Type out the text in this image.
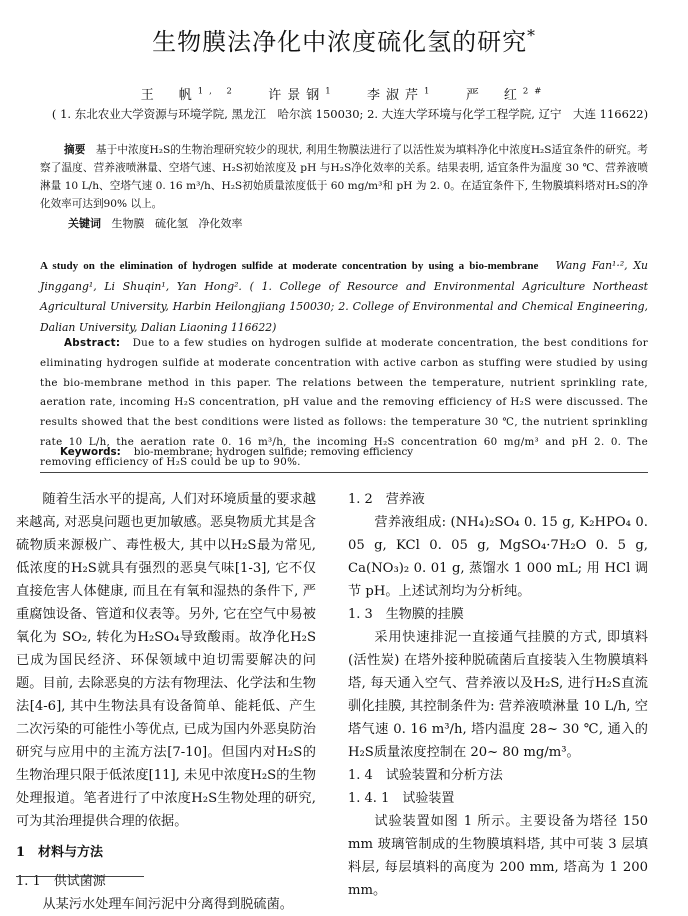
生物膜法净化中浓度硫化氢的研究*
王　帆$^{1, 2}$ 许景钢$^1$ 李淑芹$^1$ 严　红$^{2\#}$
( 1. 东北农业大学资源与环境学院, 黑龙江　哈尔滨 150030; 2. 大连大学环境与化学工程学院, 辽宁　大连 116622)
摘要 基于中浓度H₂S的生物治理研究较少的现状, 利用生物膜法进行了以活性炭为填料净化中浓度H₂S适宜条件的研究。考察了温度、营养液喷淋量、空塔气速、H₂S初始浓度及 pH 与H₂S净化效率的关系。结果表明, 适宜条件为温度 30 ℃、营养液喷淋量 10 L/h、空塔气速 0. 16 m³/h、H₂S初始质量浓度低于 60 mg/m³和 pH 为 2. 0。在适宜条件下, 生物膜填料塔对H₂S的净化效率可达到90% 以上。
关键词 生物膜 硫化氢 净化效率
A study on the elimination of hydrogen sulfide at moderate concentration by using a bio-membrane Wang Fan¹·², Xu Jinggang¹, Li Shuqin¹, Yan Hong². ( 1. College of Resource and Environmental Agriculture Northeast Agricultural University, Harbin Heilongjiang 150030; 2. College of Environmental and Chemical Engineering, Dalian University, Dalian Liaoning 116622)
Abstract: Due to a few studies on hydrogen sulfide at moderate concentration, the best conditions for eliminating hydrogen sulfide at moderate concentration with active carbon as stuffing were studied by using the bio-membrane method in this paper. The relations between the temperature, nutrient sprinkling rate, aeration rate, incoming H₂S concentration, pH value and the removing efficiency of H₂S were discussed. The results showed that the best conditions were listed as follows: the temperature 30 ℃, the nutrient sprinkling rate 10 L/h, the aeration rate 0. 16 m³/h, the incoming H₂S concentration 60 mg/m³ and pH 2. 0. The removing efficiency of H₂S could be up to 90%.
Keywords: bio-membrane; hydrogen sulfide; removing efficiency

随着生活水平的提高, 人们对环境质量的要求越来越高, 对恶臭问题也更加敏感。恶臭物质尤其是含硫物质来源极广、毒性极大, 其中以H₂S最为常见, 低浓度的H₂S就具有强烈的恶臭气味[1-3], 它不仅直接危害人体健康, 而且在有氧和湿热的条件下, 严重腐蚀设备、管道和仪表等。另外, 它在空气中易被氧化为 SO₂, 转化为H₂SO₄导致酸雨。故净化H₂S已成为国民经济、环保领域中迫切需要解决的问题。目前, 去除恶臭的方法有物理法、化学法和生物法[4-6], 其中生物法具有设备简单、能耗低、产生二次污染的可能性小等优点, 已成为国内外恶臭防治研究与应用中的主流方法[7-10]。但国内对H₂S的生物治理只限于低浓度[11], 未见中浓度H₂S的生物处理报道。笔者进行了中浓度H₂S生物处理的研究, 可为其治理提供合理的依据。

1　材料与方法

1. 1　供试菌源

从某污水处理车间污泥中分离得到脱硫菌。

1. 2　营养液

营养液组成: (NH₄)₂SO₄ 0. 15 g, K₂HPO₄ 0. 05 g, KCl 0. 05 g, MgSO₄·7H₂O 0. 5 g, Ca(NO₃)₂ 0. 01 g, 蒸馏水 1 000 mL; 用 HCl 调节 pH。上述试剂均为分析纯。

1. 3　生物膜的挂膜

采用快速排泥一直接通气挂膜的方式, 即填料(活性炭) 在塔外接种脱硫菌后直接装入生物膜填料塔, 每天通入空气、营养液以及H₂S, 进行H₂S直流驯化挂膜, 其控制条件为: 营养液喷淋量 10 L/h, 空塔气速 0. 16 m³/h, 塔内温度 28~ 30 ℃, 通入的H₂S质量浓度控制在 20~ 80 mg/m³。

1. 4　试验装置和分析方法

1. 4. 1　试验装置

试验装置如图 1 所示。主要设备为塔径 150 mm 玻璃管制成的生物膜填料塔, 其中可装 3 层填料层, 每层填料的高度为 200 mm, 塔高为 1 200 mm。
